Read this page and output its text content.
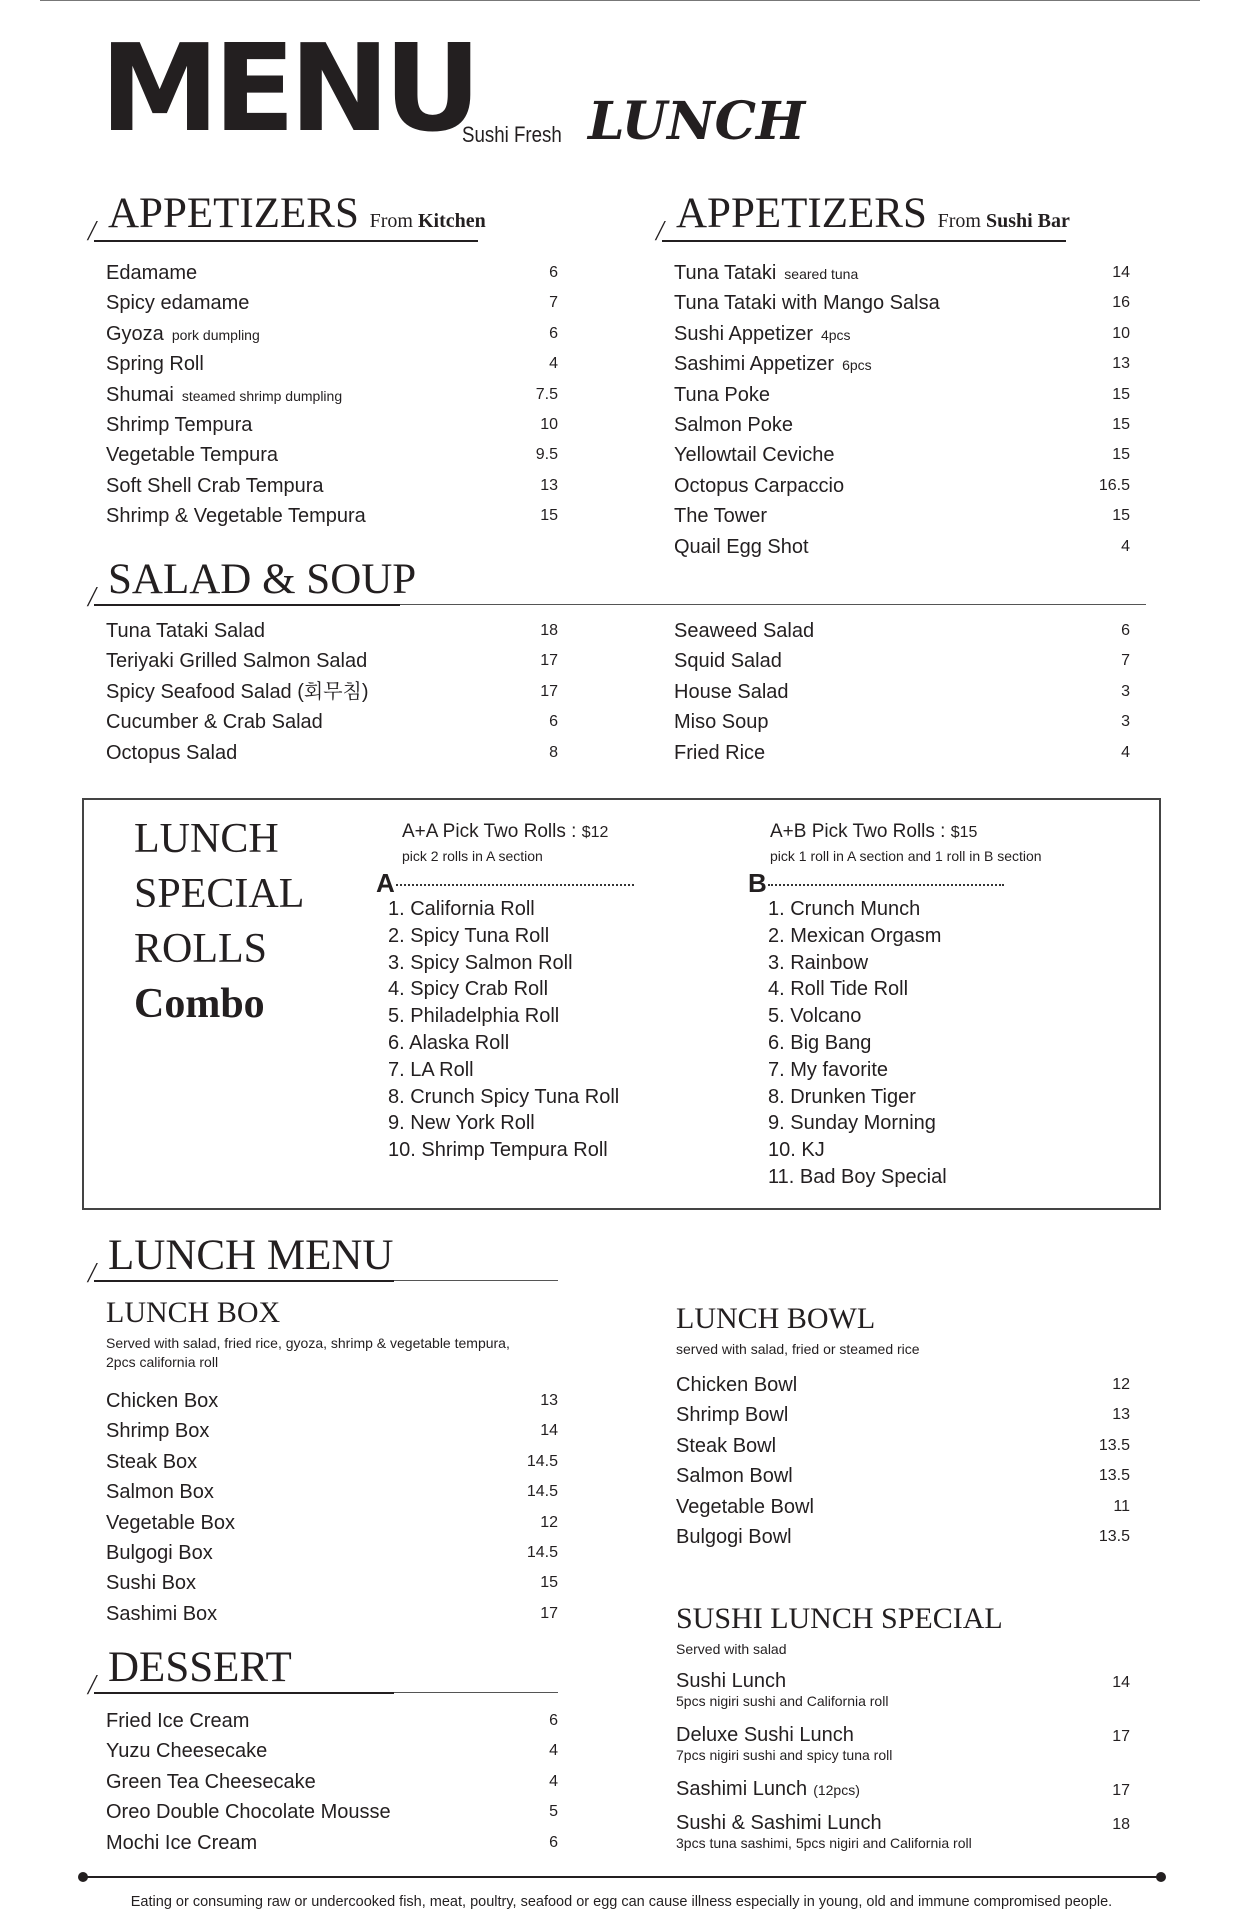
MENU
Sushi Fresh LUNCH
/ APPETIZERS From Kitchen
Edamame	6
Spicy edamame	7
Gyoza pork dumpling	6
Spring Roll	4
Shumai steamed shrimp dumpling	7.5
Shrimp Tempura	10
Vegetable Tempura	9.5
Soft Shell Crab Tempura	13
Shrimp & Vegetable Tempura	15
/ APPETIZERS From Sushi Bar
Tuna Tataki seared tuna	14
Tuna Tataki with Mango Salsa	16
Sushi Appetizer 4pcs	10
Sashimi Appetizer 6pcs	13
Tuna Poke	15
Salmon Poke	15
Yellowtail Ceviche	15
Octopus Carpaccio	16.5
The Tower	15
Quail Egg Shot	4
/ SALAD & SOUP
Tuna Tataki Salad	18
Teriyaki Grilled Salmon Salad	17
Spicy Seafood Salad (회무침)	17
Cucumber & Crab Salad	6
Octopus Salad	8
Seaweed Salad	6
Squid Salad	7
House Salad	3
Miso Soup	3
Fried Rice	4
LUNCH
SPECIAL
ROLLS
Combo
A+A Pick Two Rolls : $12
pick 2 rolls in A section
A
1. California Roll
2. Spicy Tuna Roll
3. Spicy Salmon Roll
4. Spicy Crab Roll
5. Philadelphia Roll
6. Alaska Roll
7. LA Roll
8. Crunch Spicy Tuna Roll
9. New York Roll
10. Shrimp Tempura Roll
A+B Pick Two Rolls : $15
pick 1 roll in A section and 1 roll in B section
B
1. Crunch Munch
2. Mexican Orgasm
3. Rainbow
4. Roll Tide Roll
5. Volcano
6. Big Bang
7. My favorite
8. Drunken Tiger
9. Sunday Morning
10. KJ
11. Bad Boy Special
/ LUNCH MENU
LUNCH BOX
Served with salad, fried rice, gyoza, shrimp & vegetable tempura,
2pcs california roll
Chicken Box	13
Shrimp Box	14
Steak Box	14.5
Salmon Box	14.5
Vegetable Box	12
Bulgogi Box	14.5
Sushi Box	15
Sashimi Box	17
LUNCH BOWL
served with salad, fried or steamed rice
Chicken Bowl	12
Shrimp Bowl	13
Steak Bowl	13.5
Salmon Bowl	13.5
Vegetable Bowl	11
Bulgogi Bowl	13.5
SUSHI LUNCH SPECIAL
Served with salad
Sushi Lunch	14
5pcs nigiri sushi and California roll
Deluxe Sushi Lunch	17
7pcs nigiri sushi and spicy tuna roll
Sashimi Lunch (12pcs)	17
Sushi & Sashimi Lunch	18
3pcs tuna sashimi, 5pcs nigiri and California roll
/ DESSERT
Fried Ice Cream	6
Yuzu Cheesecake	4
Green Tea Cheesecake	4
Oreo Double Chocolate Mousse	5
Mochi Ice Cream	6
Eating or consuming raw or undercooked fish, meat, poultry, seafood or egg can cause illness especially in young, old and immune compromised people.
